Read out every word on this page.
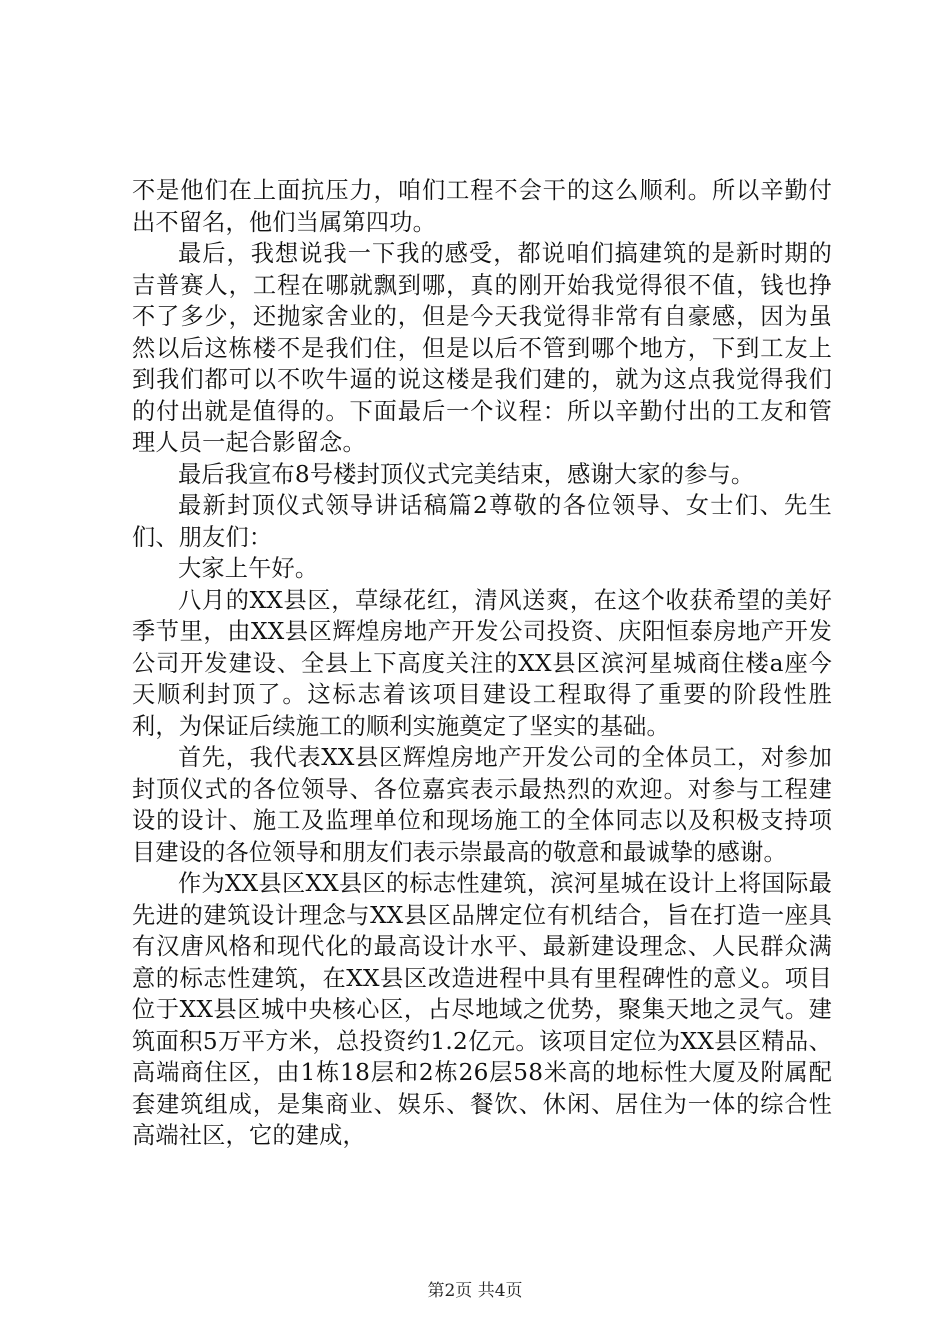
不是他们在上面抗压力，咱们工程不会干的这么顺利。所以辛勤付出不留名，他们当属第四功。

最后，我想说我一下我的感受，都说咱们搞建筑的是新时期的吉普赛人，工程在哪就飘到哪，真的刚开始我觉得很不值，钱也挣不了多少，还抛家舍业的，但是今天我觉得非常有自豪感，因为虽然以后这栋楼不是我们住，但是以后不管到哪个地方，下到工友上到我们都可以不吹牛逼的说这楼是我们建的，就为这点我觉得我们的付出就是值得的。下面最后一个议程：所以辛勤付出的工友和管理人员一起合影留念。

最后我宣布8号楼封顶仪式完美结束，感谢大家的参与。

最新封顶仪式领导讲话稿篇2尊敬的各位领导、女士们、先生们、朋友们：

大家上午好。

八月的XX县区，草绿花红，清风送爽，在这个收获希望的美好季节里，由XX县区辉煌房地产开发公司投资、庆阳恒泰房地产开发公司开发建设、全县上下高度关注的XX县区滨河星城商住楼a座今天顺利封顶了。这标志着该项目建设工程取得了重要的阶段性胜利，为保证后续施工的顺利实施奠定了坚实的基础。

首先，我代表XX县区辉煌房地产开发公司的全体员工，对参加封顶仪式的各位领导、各位嘉宾表示最热烈的欢迎。对参与工程建设的设计、施工及监理单位和现场施工的全体同志以及积极支持项目建设的各位领导和朋友们表示崇最高的敬意和最诚挚的感谢。

作为XX县区XX县区的标志性建筑，滨河星城在设计上将国际最先进的建筑设计理念与XX县区品牌定位有机结合，旨在打造一座具有汉唐风格和现代化的最高设计水平、最新建设理念、人民群众满意的标志性建筑，在XX县区改造进程中具有里程碑性的意义。项目位于XX县区城中央核心区，占尽地域之优势，聚集天地之灵气。建筑面积5万平方米，总投资约1.2亿元。该项目定位为XX县区精品、高端商住区，由1栋18层和2栋26层58米高的地标性大厦及附属配套建筑组成，是集商业、娱乐、餐饮、休闲、居住为一体的综合性高端社区，它的建成，

第2页 共4页
